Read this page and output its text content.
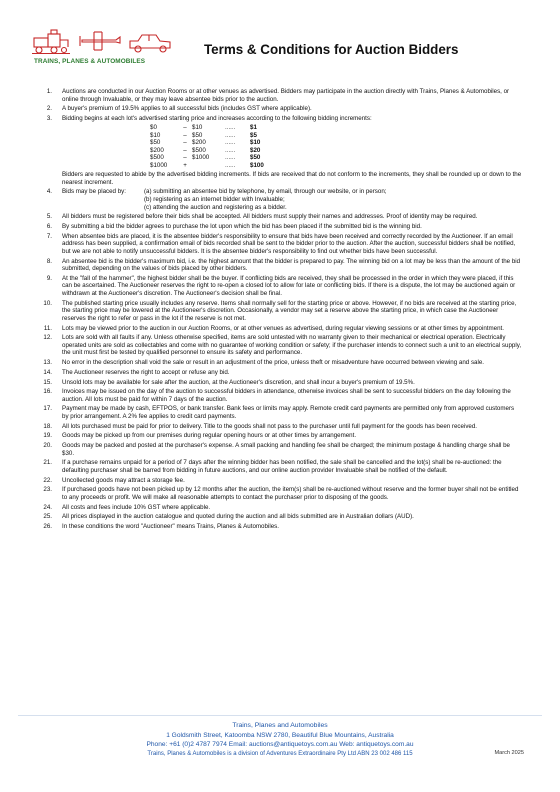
TRAINS, PLANES & AUTOMOBILES
Terms & Conditions for Auction Bidders
1. Auctions are conducted in our Auction Rooms or at other venues as advertised. Bidders may participate in the auction directly with Trains, Planes & Automobiles, or online through Invaluable, or they may leave absentee bids prior to the auction.
2. A buyer's premium of 19.5% applies to all successful bids (includes GST where applicable).
3. Bidding begins at each lot's advertised starting price and increases according to the following bidding increments:
$0	–	$10	......	$1
$10	–	$50	......	$5
$50	–	$200	......	$10
$200	–	$500	......	$20
$500	–	$1000	......	$50
$1000	+		......	$100
Bidders are requested to abide by the advertised bidding increments. If bids are received that do not conform to the increments, they shall be rounded up or down to the nearest increment.
4. Bids may be placed by:	(a) submitting an absentee bid by telephone, by email, through our website, or in person;
(b) registering as an internet bidder with Invaluable;
(c) attending the auction and registering as a bidder.
5. All bidders must be registered before their bids shall be accepted. All bidders must supply their names and addresses. Proof of identity may be required.
6. By submitting a bid the bidder agrees to purchase the lot upon which the bid has been placed if the submitted bid is the winning bid.
7. When absentee bids are placed, it is the absentee bidder's responsibility to ensure that bids have been received and correctly recorded by the Auctioneer. If an email address has been supplied, a confirmation email of bids recorded shall be sent to the bidder prior to the auction. After the auction, successful bidders shall be notified, but we are not able to notify unsuccessful bidders. It is the absentee bidder's responsibility to find out whether bids have been successful.
8. An absentee bid is the bidder's maximum bid, i.e. the highest amount that the bidder is prepared to pay. The winning bid on a lot may be less than the amount of the bid submitted, depending on the values of bids placed by other bidders.
9. At the "fall of the hammer", the highest bidder shall be the buyer. If conflicting bids are received, they shall be processed in the order in which they were placed, if this can be ascertained. The Auctioneer reserves the right to re-open a closed lot to allow for late or conflicting bids. If there is a dispute, the lot may be auctioned again or withdrawn at the Auctioneer's discretion. The Auctioneer's decision shall be final.
10. The published starting price usually includes any reserve. Items shall normally sell for the starting price or above. However, if no bids are received at the starting price, the starting price may be lowered at the Auctioneer's discretion. Occasionally, a vendor may set a reserve above the starting price, in which case the Auctioneer reserves the right to refer or pass in the lot if the reserve is not met.
11. Lots may be viewed prior to the auction in our Auction Rooms, or at other venues as advertised, during regular viewing sessions or at other times by appointment.
12. Lots are sold with all faults if any. Unless otherwise specified, items are sold untested with no warranty given to their mechanical or electrical operation. Electrically operated units are sold as collectables and come with no guarantee of working condition or safety; if the purchaser intends to connect such a unit to an electrical supply, the unit must first be tested by qualified personnel to ensure its safety and performance.
13. No error in the description shall void the sale or result in an adjustment of the price, unless theft or misadventure have occurred between viewing and sale.
14. The Auctioneer reserves the right to accept or refuse any bid.
15. Unsold lots may be available for sale after the auction, at the Auctioneer's discretion, and shall incur a buyer's premium of 19.5%.
16. Invoices may be issued on the day of the auction to successful bidders in attendance, otherwise invoices shall be sent to successful bidders on the day following the auction. All lots must be paid for within 7 days of the auction.
17. Payment may be made by cash, EFTPOS, or bank transfer. Bank fees or limits may apply. Remote credit card payments are permitted only from approved customers by prior arrangement. A 2% fee applies to credit card payments.
18. All lots purchased must be paid for prior to delivery. Title to the goods shall not pass to the purchaser until full payment for the goods has been received.
19. Goods may be picked up from our premises during regular opening hours or at other times by arrangement.
20. Goods may be packed and posted at the purchaser's expense. A small packing and handling fee shall be charged; the minimum postage & handling charge shall be $30.
21. If a purchase remains unpaid for a period of 7 days after the winning bidder has been notified, the sale shall be cancelled and the lot(s) shall be re-auctioned: the defaulting purchaser shall be barred from bidding in future auctions, and our online auction provider Invaluable shall be notified of the default.
22. Uncollected goods may attract a storage fee.
23. If purchased goods have not been picked up by 12 months after the auction, the item(s) shall be re-auctioned without reserve and the former buyer shall not be entitled to any proceeds or profit. We will make all reasonable attempts to contact the purchaser prior to disposing of the goods.
24. All costs and fees include 10% GST where applicable.
25. All prices displayed in the auction catalogue and quoted during the auction and all bids submitted are in Australian dollars (AUD).
26. In these conditions the word "Auctioneer" means Trains, Planes & Automobiles.
Trains, Planes and Automobiles
1 Goldsmith Street, Katoomba NSW 2780, Beautiful Blue Mountains, Australia
Phone: +61 (0)2 4787 7974 Email: auctions@antiquetoys.com.au Web: antiquetoys.com.au
Trains, Planes & Automobiles is a division of Adventures Extraordinaire Pty Ltd ABN 23 002 486 115	March 2025
